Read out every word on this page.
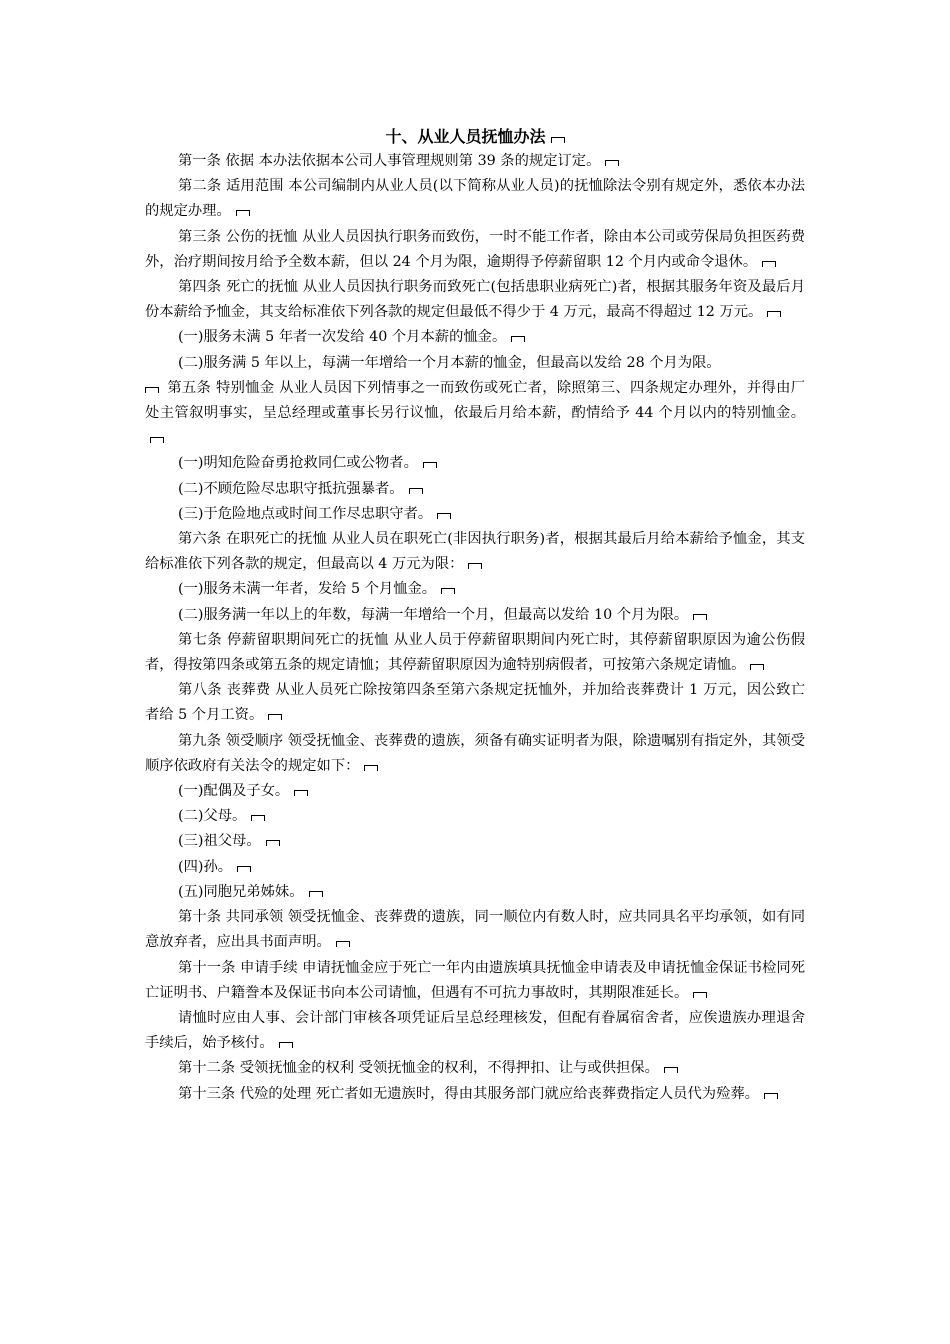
十、从业人员抚恤办法

第一条 依据 本办法依据本公司人事管理规则第 39 条的规定订定。

第二条 适用范围 本公司编制内从业人员(以下简称从业人员)的抚恤除法令别有规定外，悉依本办法的规定办理。

第三条 公伤的抚恤 从业人员因执行职务而致伤，一时不能工作者，除由本公司或劳保局负担医药费外，治疗期间按月给予全数本薪，但以 24 个月为限，逾期得予停薪留职 12 个月内或命令退休。

第四条 死亡的抚恤 从业人员因执行职务而致死亡(包括患职业病死亡)者，根据其服务年资及最后月份本薪给予恤金，其支给标准依下列各款的规定但最低不得少于 4 万元，最高不得超过 12 万元。

(一)服务未满 5 年者一次发给 40 个月本薪的恤金。

(二)服务满 5 年以上，每满一年增给一个月本薪的恤金，但最高以发给 28 个月为限。

第五条 特别恤金 从业人员因下列情事之一而致伤或死亡者，除照第三、四条规定办理外，并得由厂处主管叙明事实，呈总经理或董事长另行议恤，依最后月给本薪，酌情给予 44 个月以内的特别恤金。

(一)明知危险奋勇抢救同仁或公物者。

(二)不顾危险尽忠职守抵抗强暴者。

(三)于危险地点或时间工作尽忠职守者。

第六条 在职死亡的抚恤 从业人员在职死亡(非因执行职务)者，根据其最后月给本薪给予恤金，其支给标准依下列各款的规定，但最高以 4 万元为限：

(一)服务未满一年者，发给 5 个月恤金。

(二)服务满一年以上的年数，每满一年增给一个月，但最高以发给 10 个月为限。

第七条 停薪留职期间死亡的抚恤 从业人员于停薪留职期间内死亡时，其停薪留职原因为逾公伤假者，得按第四条或第五条的规定请恤；其停薪留职原因为逾特别病假者，可按第六条规定请恤。

第八条 丧葬费 从业人员死亡除按第四条至第六条规定抚恤外，并加给丧葬费计 1 万元，因公致亡者给 5 个月工资。

第九条 领受顺序 领受抚恤金、丧葬费的遗族，须备有确实证明者为限，除遗嘱别有指定外，其领受顺序依政府有关法令的规定如下：

(一)配偶及子女。

(二)父母。

(三)祖父母。

(四)孙。

(五)同胞兄弟姊妹。

第十条 共同承领 领受抚恤金、丧葬费的遗族，同一顺位内有数人时，应共同具名平均承领，如有同意放弃者，应出具书面声明。

第十一条 申请手续 申请抚恤金应于死亡一年内由遗族填具抚恤金申请表及申请抚恤金保证书检同死亡证明书、户籍誊本及保证书向本公司请恤，但遇有不可抗力事故时，其期限准延长。

请恤时应由人事、会计部门审核各项凭证后呈总经理核发，但配有眷属宿舍者，应俟遗族办理退舍手续后，始予核付。

第十二条 受领抚恤金的权利 受领抚恤金的权利，不得押扣、让与或供担保。

第十三条 代殓的处理 死亡者如无遗族时，得由其服务部门就应给丧葬费指定人员代为殓葬。
